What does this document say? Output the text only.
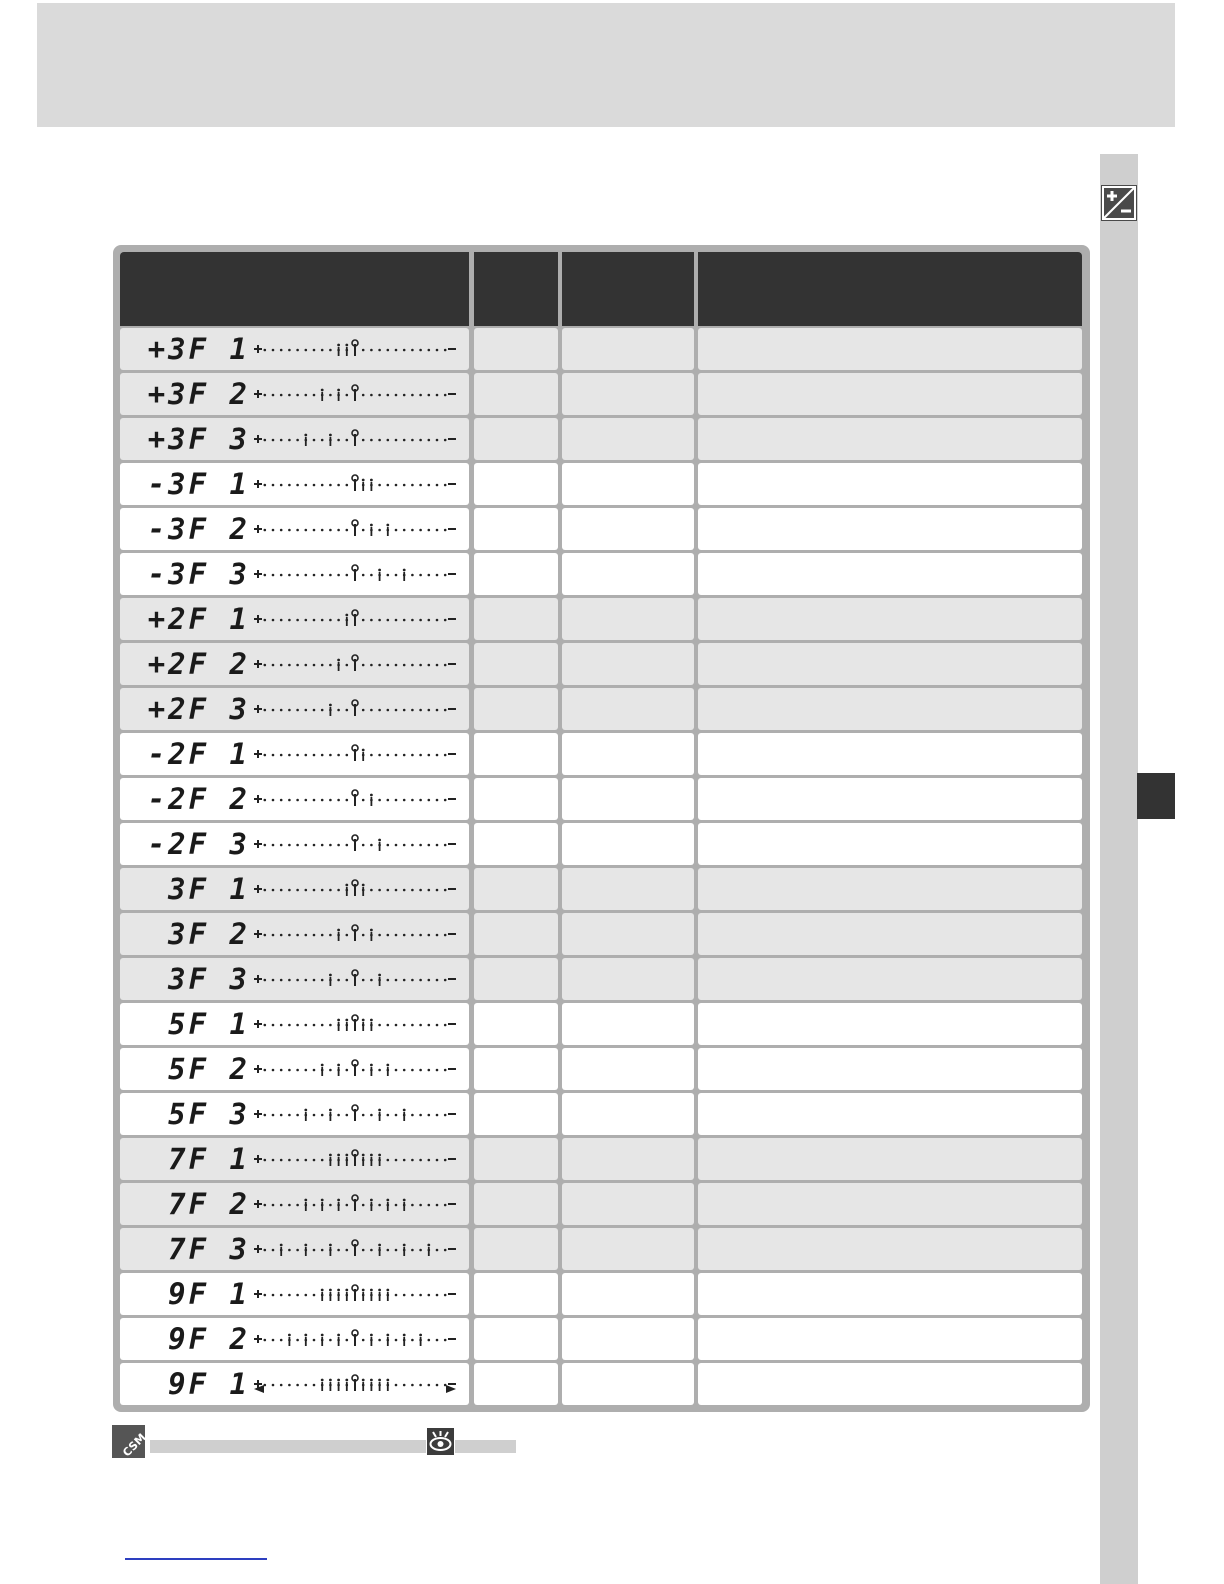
+3F 1
+3F 2
+3F 3
-3F 1
-3F 2
-3F 3
+2F 1
+2F 2
+2F 3
-2F 1
-2F 2
-2F 3
3F 1
3F 2
3F 3
5F 1
5F 2
5F 3
7F 1
7F 2
7F 3
9F 1
9F 2
9F 1
CSM
